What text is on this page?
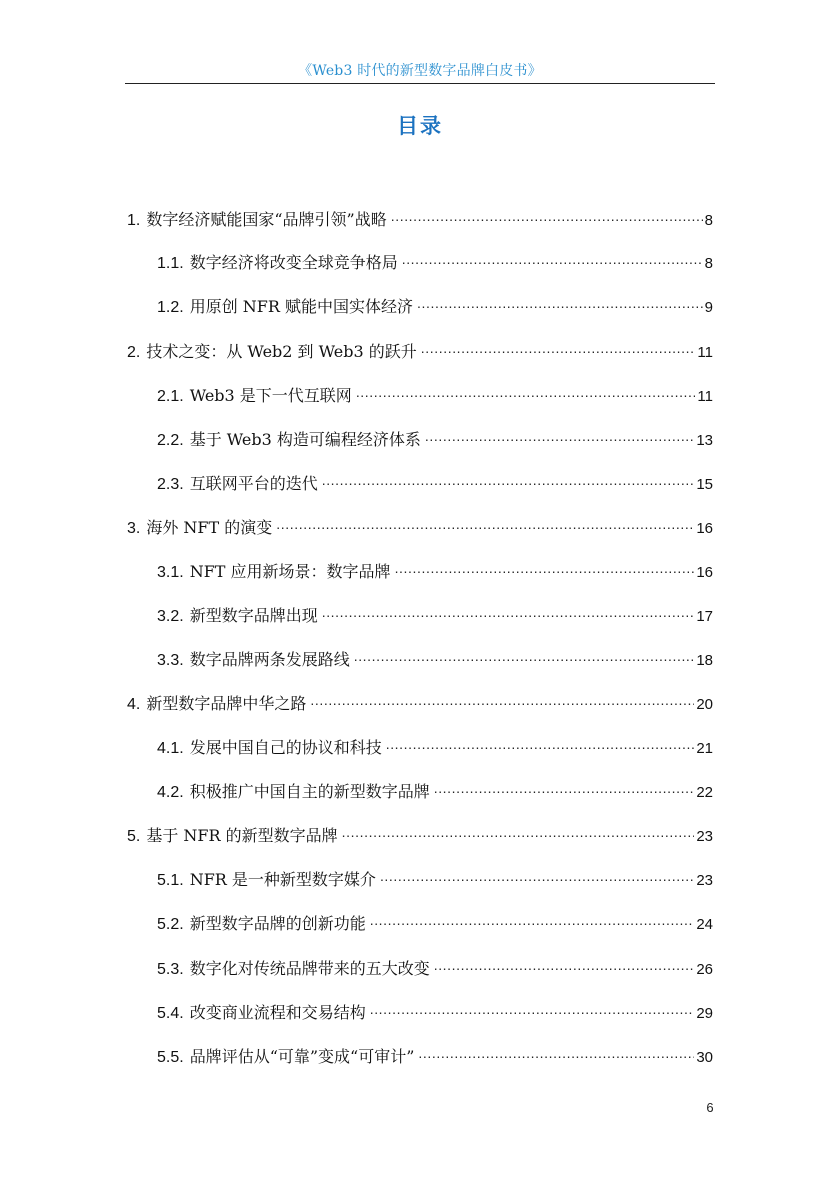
《Web3 时代的新型数字品牌白皮书》
目录
1. 数字经济赋能国家“品牌引领”战略 .....	8
1.1. 数字经济将改变全球竞争格局 .....	8
1.2. 用原创 NFR 赋能中国实体经济 .....	9
2. 技术之变：从 Web2 到 Web3 的跃升 .....	11
2.1. Web3 是下一代互联网 .....	11
2.2. 基于 Web3 构造可编程经济体系 .....	13
2.3. 互联网平台的迭代 .....	15
3. 海外 NFT 的演变 .....	16
3.1. NFT 应用新场景：数字品牌 .....	16
3.2. 新型数字品牌出现 .....	17
3.3. 数字品牌两条发展路线 .....	18
4. 新型数字品牌中华之路 .....	20
4.1. 发展中国自己的协议和科技 .....	21
4.2. 积极推广中国自主的新型数字品牌 .....	22
5. 基于 NFR 的新型数字品牌 .....	23
5.1. NFR 是一种新型数字媒介 .....	23
5.2. 新型数字品牌的创新功能 .....	24
5.3. 数字化对传统品牌带来的五大改变 .....	26
5.4. 改变商业流程和交易结构 .....	29
5.5. 品牌评估从“可靠”变成“可审计” .....	30
6
